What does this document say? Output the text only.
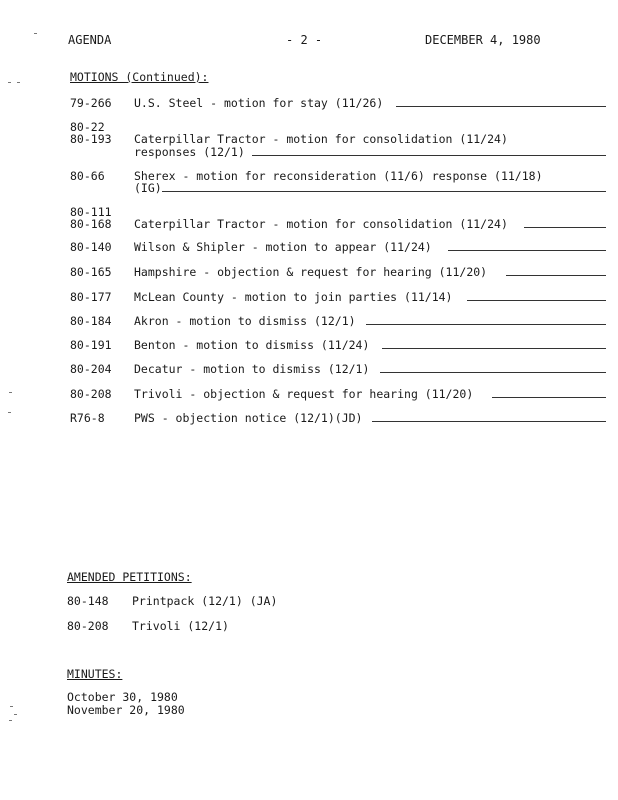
AGENDA	- 2 -	DECEMBER 4, 1980
MOTIONS (Continued):
79-266 U.S. Steel - motion for stay (11/26)
80-22
80-193 Caterpillar Tractor - motion for consolidation (11/24)
responses (12/1)
80-66	Sherex - motion for reconsideration (11/6) response (11/18)
(IG)
80-111
80-168 Caterpillar Tractor - motion for consolidation (11/24)
80-140 Wilson & Shipler - motion to appear (11/24)
80-165 Hampshire - objection & request for hearing (11/20)
80-177 McLean County - motion to join parties (11/14)
80-184 Akron - motion to dismiss (12/1)
80-191 Benton - motion to dismiss (11/24)
80-204 Decatur - motion to dismiss (12/1)
80-208 Trivoli - objection & request for hearing (11/20)
R76-8	PWS - objection notice (12/1)(JD)
AMENDED PETITIONS:
80-148 Printpack (12/1) (JA)
80-208 Trivoli (12/1)
MINUTES:
October 30, 1980
November 20, 1980
